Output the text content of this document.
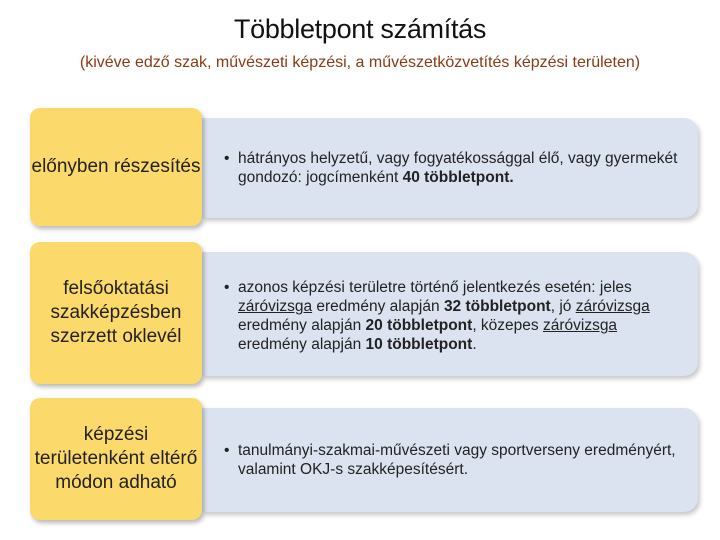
Többletpont számítás
(kivéve edző szak, művészeti képzési, a művészetközvetítés képzési területen)
előnyben részesítés • hátrányos helyzetű, vagy fogyatékossággal élő, vagy gyermekét gondozó: jogcímenként 40 többletpont.
felsőoktatási szakképzésben szerzett oklevél
• azonos képzési területre történő jelentkezés esetén: jeles záróvizsga eredmény alapján 32 többletpont, jó záróvizsga eredmény alapján 20 többletpont, közepes záróvizsga eredmény alapján 10 többletpont.
képzési területenként eltérő módon adható
• tanulmányi-szakmai-művészeti vagy sportverseny eredményért, valamint OKJ-s szakképesítésért.
